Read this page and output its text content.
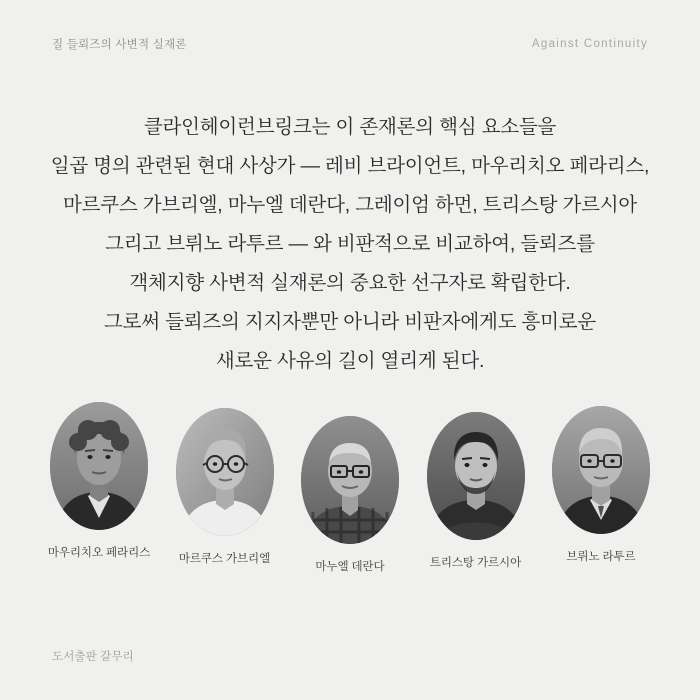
질 들뢰즈의 사변적 실재론	Against Continuity

클라인헤이런브링크는 이 존재론의 핵심 요소들을

일곱 명의 관련된 현대 사상가 — 레비 브라이언트, 마우리치오 페라리스,

마르쿠스 가브리엘, 마누엘 데란다, 그레이엄 하먼, 트리스탕 가르시아

그리고 브뤼노 라투르 — 와 비판적으로 비교하여, 들뢰즈를

객체지향 사변적 실재론의 중요한 선구자로 확립한다.

그로써 들뢰즈의 지지자뿐만 아니라 비판자에게도 흥미로운

새로운 사유의 길이 열리게 된다.

마우리치오 페라리스	마르쿠스 가브리엘
마누엘 데란다	트리스탕 가르시아	브뤼노 라투르
도서출판 갈무리
